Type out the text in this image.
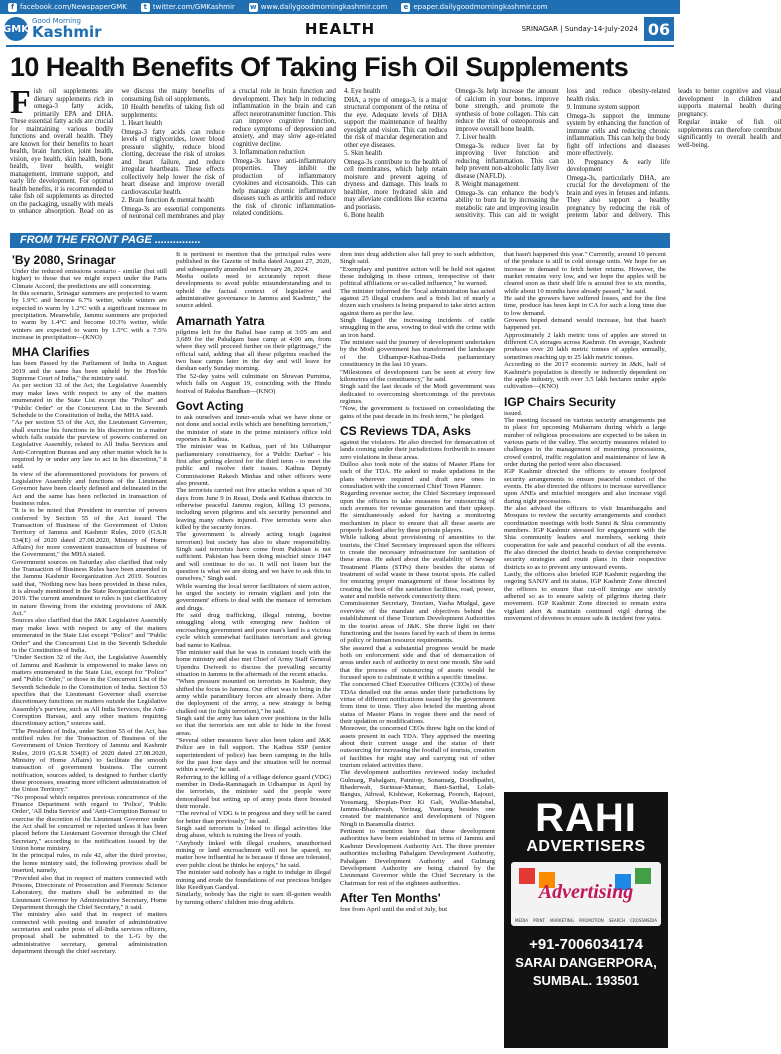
f facebook.com/NewspaperGMK	t twitter.com/GMKashmir w www.dailygoodmorningkashmir.com	e epaper.dailygoodmorningkashmir.com
GMK
Good Morning
Kashmir	HEALTH	SRINAGAR | Sunday-14-July-2024 06
10 Health Benefits Of Taking Fish Oil Supplements
F ish oil supplements are dietary supplements rich in omega-3 fatty acids, primarily EPA and DHA. These essential fatty acids are crucial for maintaining various bodily functions and overall health. They are known for their benefits to heart health, brain function, joint health, vision, eye health, skin health, bone health, liver health, weight management, immune support, and early life development. For optimal health benefits, it is recommended to take fish oil supplements as directed on the packaging, usually with meals to enhance absorption. Read on as we discuss the many benefits of consuming fish oil supplements.

10 Health benefits of taking fish oil supplements:

1. Heart health

Omega-3 fatty acids can reduce levels of triglycerides, lower blood pressure slightly, reduce blood clotting, decrease the risk of strokes and heart failure, and reduce irregular heartbeats. These effects collectively help lower the risk of heart disease and improve overall cardiovascular health.

2. Brain function & mental health

Omega-3s are essential components of neuronal cell membranes and play a crucial role in brain function and development. They help in reducing inflammation in the brain and can affect neurotransmitter function. This can improve cognitive function, reduce symptoms of depression and anxiety, and may slow age-related cognitive decline.

3. Inflammation reduction

Omega-3s have anti-inflammatory properties. They inhibit the production of inflammatory cytokines and eicosanoids. This can help manage chronic inflammatory diseases such as arthritis and reduce the risk of chronic inflammation-related conditions.

4. Eye health

DHA, a type of omega-3, is a major structural component of the retina of the eye. Adequate levels of DHA support the maintenance of healthy eyesight and vision. This can reduce the risk of macular degeneration and other eye diseases.

5. Skin health

Omega-3s contribute to the health of cell membranes, which help retain moisture and prevent ageing of dryness and damage. This leads to healthier, more hydrated skin and may alleviate conditions like eczema and psoriasis.

6. Bone health

Omega-3s help increase the amount of calcium in your bones, improve bone strength, and promote the synthesis of bone collagen. This can reduce the risk of osteoporosis and improve overall bone health.

7. Liver health

Omega-3s reduce liver fat by improving liver function and reducing inflammation. This can help prevent non-alcoholic fatty liver disease (NAFLD).

8. Weight management

Omega-3s can enhance the body's ability to burn fat by increasing the metabolic rate and improving insulin sensitivity. This can aid in weight loss and reduce obesity-related health risks.

9. Immune system support

Omega-3s support the immune system by enhancing the function of immune cells and reducing chronic inflammation. This can help the body fight off infections and diseases more effectively.

10. Pregnancy & early life development

Omega-3s, particularly DHA, are crucial for the development of the brain and eyes in fetuses and infants. They also support a healthy pregnancy by reducing the risk of preterm labor and delivery. This leads to better cognitive and visual development in children and supports maternal health during pregnancy.

Regular intake of fish oil supplements can therefore contribute significantly to overall health and well-being.

FROM THE FRONT PAGE ...............
'By 2080, Srinagar

Under the reduced emissions scenario - similar (but still higher) to those that we might expect under the Paris Climate Accord, the predictions are still concerning.

In this scenario, Srinagar summers are projected to warm by 1.9°C and become 6.7% wetter, while winters are expected to warm by 1.2°C with a significant increase in precipitation. Meanwhile, Jammu summers are projected to warm by 1.4°C and become 10.3% wetter, while winters are expected to warm by 1.5°C with a 7.5% increase in precipitation—(KNO)

MHA Clarifies

has been Passed by the Parliament of India in August 2019 and the same has been upheld by the Hon'ble Supreme Court of India," the ministry said.

As per section 32 of the Act, the Legislative Assembly may make laws with respect to any of the matters enumerated in the State List except the "Police" and "Public Order" or the Concurrent List in the Seventh Schedule to the Constitution of India, the MHA said.

"As per section 53 of the Act, the Lieutenant Governor, shall exercise his functions in his discretion in a matter which falls outside the purview of powers conferred on Legislative Assembly, related to All India Services and Anti-Corruption Bureau and any other matter which he is required by or under any law to act in his discretion," it said.

In view of the aforementioned provisions for powers of Legislative Assembly and functions of the Lieutenant Governor have been clearly defined and delineated in the Act and the same has been reflected in transaction of business rules.

"It is to be noted that President in exercise of powers conferred by Section 55 of the Act issued The Transaction of Business of the Government of Union Territory of Jammu and Kashmir Rules, 2019 (G.S.R 534(E) of 2020 dated 27.08.2020, Ministry of Home Affairs) for more convenient transaction of business of the Government," the MHA stated.

Government sources on Saturday also clarified that only the Transaction of Business Rules have been amended in the Jammu Kashmir Reorganization Act 2019. Sources said that, "Nothing new has been provided in these rules, it is already mentioned in the State Reorganization Act of 2019. The current amendment to rules is just clarificatory in nature flowing from the existing provisions of J&K Act."

Sources also clarified that the J&K Legislative Assembly may make laws with respect to any of the matters enumerated in the State List except "Police" and "Public Order" and the Concurrent List in the Seventh Schedule to the Constitution of India.

"Under Section 32 of the Act, the Legislative Assembly of Jammu and Kashmir is empowered to make laws on matters enumerated in the State List, except for "Police" and "Public Order," or those in the Concurrent List of the Seventh Schedule to the Constitution of India. Section 53 specifies that the Lieutenant Governor shall exercise discretionary functions on matters outside the Legislative Assembly's purview, such as All India Services, the Anti-Corruption Bureau, and any other matters requiring discretionary action," sources said.

"The President of India, under Section 55 of the Act, has notified rules for the Transaction of Business of the Government of Union Territory of Jammu and Kashmir Rules, 2019 (G.S.R 534(E) of 2020 dated 27.08.2020, Ministry of Home Affairs) to facilitate the smooth transaction of government business. The current notification, sources added, is designed to further clarify these processes, ensuring more efficient administration of the Union Territory."

"No proposal which requires previous concurrence of the Finance Department with regard to 'Police', 'Public Order', 'All India Service' and 'Anti-Corruption Bureau' to exercise the discretion of the Lieutenant Governor under the Act shall be concurred or rejected unless it has been placed before the Lieutenant Governor through the Chief Secretary," according to the notification issued by the Union home ministry.

In the principal rules, in rule 42, after the third proviso, the home ministry said, the following provisos shall be inserted, namely,

"Provided also that in respect of matters connected with Prisons, Directorate of Prosecution and Forensic Science Laboratory, the matters shall be submitted to the Lieutenant Governor by Administrative Secretary, Home Department through the Chief Secretary," it said.

The ministry also said that in respect of matters connected with posting and transfer of administrative secretaries and cadre posts of all-India services officers, proposal shall be submitted to the L-G by the administrative secretary, general administration department through the chief secretary.

It is pertinent to mention that the principal rules were published in the Gazette of India dated August 27, 2020, and subsequently amended on February 28, 2024.

Media outlets need to accurately report these developments to avoid public misunderstanding and to uphold the factual context of legislative and administrative governance in Jammu and Kashmir," the source added.

Amarnath Yatra

pilgrims left for the Baltal base camp at 3:05 am and 3,689 for the Pahalgam base camp at 4:00 am, from where they will proceed further on their pilgrimage," the official said, adding that all these pilgrims reached the two base camps later in the day and will leave for darshan early Sunday morning.

The 52-day yatra will culminate on Shravan Purnima, which falls on August 19, coinciding with the Hindu festival of Raksha Bandhan—(KNO)

Govt Acting

to ask ourselves and inner-souls what we have done or not done and social evils which are benefiting terrorism," the minister of state in the prime minister's office told reporters in Kathua.

The minister was in Kathua, part of his Udhampur parliamentary constituency, for a 'Public Darbar' - his first after getting elected for the third term - to meet the public and resolve their issues. Kathua Deputy Commissioner Rakesh Minhas and other officers were also present.

The terrorists carried out five attacks within a span of 30 days from June 9 in Reasi, Doda and Kathua districts in otherwise peaceful Jammu region, killing 13 persons, including seven pilgrims and six security personnel and leaving many others injured. Five terrorists were also killed by the security forces.

The government is already acting tough (against terrorism) but society has also to share responsibility. Singh said terrorists have come from Pakistan is not sufficient. Pakistan has been doing mischief since 1947 and will continue to do so. It will not listen but the question is what we are doing and we have to ask this to ourselves," Singh said.

While warning the local terror facilitators of stern action, he urged the society to remain vigilant and join the government' efforts to deal with the menace of terrorism and drugs.

He said drug trafficking, illegal mining, bovine smuggling along with emerging new fashion of encroaching government and poor man's land is a vicious cycle which somewhat facilitates terrorism and giving bad name to Kathua.

The minister said that he was in constant touch with the home ministry and also met Chief of Army Staff General Upendra Dwivedi to discuss the prevailing security situation in Jammu in the aftermath of the recent attacks.

"When pressure mounted on terrorists in Kashmir, they shifted the focus to Jammu. Our effort was to bring in the army while paramilitary forces are already there. After the deployment of the army, a new strategy is being chalked out (to fight terrorism)," he said.

Singh said the army has taken over positions in the hills so that the terrorists are not able to hide in the forest areas.

"Several other measures have also been taken and J&K Police are in full support. The Kathua SSP (senior superintendent of police) has been camping in the hills for the past four days and the situation will be normal within a week," he said.

Referring to the killing of a village defence guard (VDG) member in Doda-Ramnagarh in Udhampur in April by the terrorists, the minister said the people were demoralised but setting up of army posts there boosted their morale.

"The revival of VDG is in progress and they will be cared for better than previously," he said.

Singh said terrorism is linked to illegal activities like drug abuse, which is ruining the lives of youth.

"Anybody linked with illegal crushers, unauthorised mining or land encroachment will not be spared, no matter how influential he is because if those are tolerated, ever public clout he thinks he enjoys," he said.

The minister said nobody has a right to indulge in illegal mining and erode the foundations of our precious bridges like Keediyan Gandyal.

Similarly, nobody has the right to earn ill-gotten wealth by turning others' children into drug addicts.

dren into drug addiction also fall prey to such addiction, Singh said.

"Exemplary and punitive action will be held not against those indulging in these crimes, irrespective of their political affiliations or so-called influence," he warned.

The minister informed the "local administration has acted against 25 illegal crushers and a fresh list of nearly a dozen such crushers is being prepared to take strict action against them as per the law.

Singh flagged the increasing incidents of cattle smuggling in the area, vowing to deal with the crime with an iron hand.

The minister said the journey of development undertaken by the Modi government has transformed the landscape of the Udhampur-Kathua-Doda parliamentary constituency in the last 10 years.

"Milestones of development can be seen at every few kilometres of the constituency," he said.

Singh said the last decade of the Modi government was dedicated to overcoming shortcomings of the previous regimes.

"Now, the government is focussed on consolidating the gains of the past decade in its fresh term," he pledged.

CS Reviews TDA, Asks

against the violators. He also directed for demarcation of lands coming under their jurisdictions forthwith to ensure zero violations in these areas.

Dulloo also took note of the status of Master Plans for each of the TDA. He asked to make updations in the plans wherever required and draft new ones in consultation with the concerned Chief Town Planner.

Regarding revenue sector, the Chief Secretary impressed upon the officers to take measures for outsourcing of such avenues for revenue generation and their upkeep. He simultaneously asked for having a monitoring mechanism in place to ensure that all these assets are properly looked after by these private players.

While talking about provisioning of amenities to the tourists, the Chief Secretary impressed upon the officers to create the necessary infrastructure for sanitation of these areas. He asked about the availability of Sewage Treatment Plants (STPs) there besides the status of treatment of solid waste in these tourist spots. He called for ensuring proper management of these locations by creating the best of the sanitation facilities, road, power, water and mobile network connectivity there.

Commissioner Secretary, Tourism, Yasha Mudgal, gave overview of the mandate and objectives behind the establishment of these Tourism Development Authorities in the tourist areas of J&K. She threw light on their functioning and the issues faced by each of them in terms of policy or human resource requirements.

She assured that a substantial progress would be made both on enforcement side and that of demarcation of areas under each of authority in next one month. She said that the process of outsourcing of assets would be focused upon to culminate it within a specific timeline.

The concerned Chief Executive Officers (CEOs) of these TDAs detailed out the areas under their jurisdictions by virtue of different notifications issued by the government from time to time. They also briefed the meeting about status of Master Plans in vogue there and the need of their updation or modifications.

Moreover, the concerned CEOs threw light on the kind of assets present in each TDA. They apprised the meeting about their current usage and the status of their outsourcing for increasing the footfall of tourists, creation of facilities for night stay and carrying out of other tourism related activities there.

The development authorities reviewed today included Gulmarg, Pahalgam, Patnitop, Sonamarg, Doodhpathri, Bhaderwah, Surinsar-Mansar, Bani-Sarthal, Lolab-Bangus, Athwal, Kishtwar, Kokernag, Poonch, Rajouri, Yousmarg, Shopian-Peer Ki Gali, Wullar-Mansbal, Jammu-Bhaderwah, Verinag, Yusmarg besides one created for maintenance and development of Nigeen Ningli in Baramulla district.

Pertinent to mention here that these development authorities have been established in terms of Jammu and Kashmir Development Authority Act. The three premier authorities including Pahalgam Development Authority, Pahalgam Development Authority and Gulmarg Development Authority are being chaired by the Lieutenant Governor while the Chief Secretary is the Chairman for rest of the eighteen authorities.

After Ten Months'

free from April until the end of July, but

that hasn't happened this year." Currently, around 10 percent of the produce is still in cold storage units. We hope for an increase in demand to fetch better returns. However, the market remains very low, and we hope the apples will be cleared soon as their shelf life is around five to six months, while about 10 months have already passed," he said.

He said the growers have suffered losses, and for the first time, produce has been kept in CA for such a long time due to low demand.

Growers hoped demand would increase, but that hasn't happened yet.

Approximately 2 lakh metric tons of apples are stored in different CA storages across Kashmir. On average, Kashmir produces over 20 lakh metric tonnes of apples annually, sometimes reaching up to 25 lakh metric tonnes.

According to the 2017 economic survey in J&K, half of Kashmir's population is directly or indirectly dependent on the apple industry, with over 3.5 lakh hectares under apple cultivation—(KNO)

IGP Chairs Security

issued.

The meeting focused on various security arrangements put in place for upcoming Muharram during which a large number of religious processions are expected to be taken in various parts of the valley. The security measures related to challenges in the management of mourning processions, crowd control, traffic regulation and maintenance of law & order during the period were also discussed.

IGP Kashmir directed the officers to ensure foolproof security arrangements to ensure peaceful conduct of the events. He also directed the officers to increase surveillance upon ANEs and mischief mongers and also increase vigil during night processions.

He also advised the officers to visit Imambargahs and Mosques to review the security arrangements and conduct coordination meetings with both Sunni & Shia community members. IGP Kashmir stressed for engagement with the Shia community leaders and members, seeking their cooperation for safe and peaceful conduct of all the events. He also directed the district heads to devise comprehensive security strategies and route plans in their respective districts so as to prevent any untoward events.

Lastly, the officers also briefed IGP Kashmir regarding the ongoing SANJY and its status. IGP Kashmir Zone directed the officers to ensure that cut-off timings are strictly adhered so as to ensure safety of pilgrims during their movement. IGP Kashmir Zone directed to remain extra vigilant alert & maintain continued vigil during the movement of devotees to ensure safe & incident free yatra.

RAHI
ADVERTISERS
Advertising
MEDIA PRINT MARKETING PROMOTION SEARCH CROSSMEDIA
+91-7006034174
SARAI DANGERPORA,
SUMBAL. 193501
